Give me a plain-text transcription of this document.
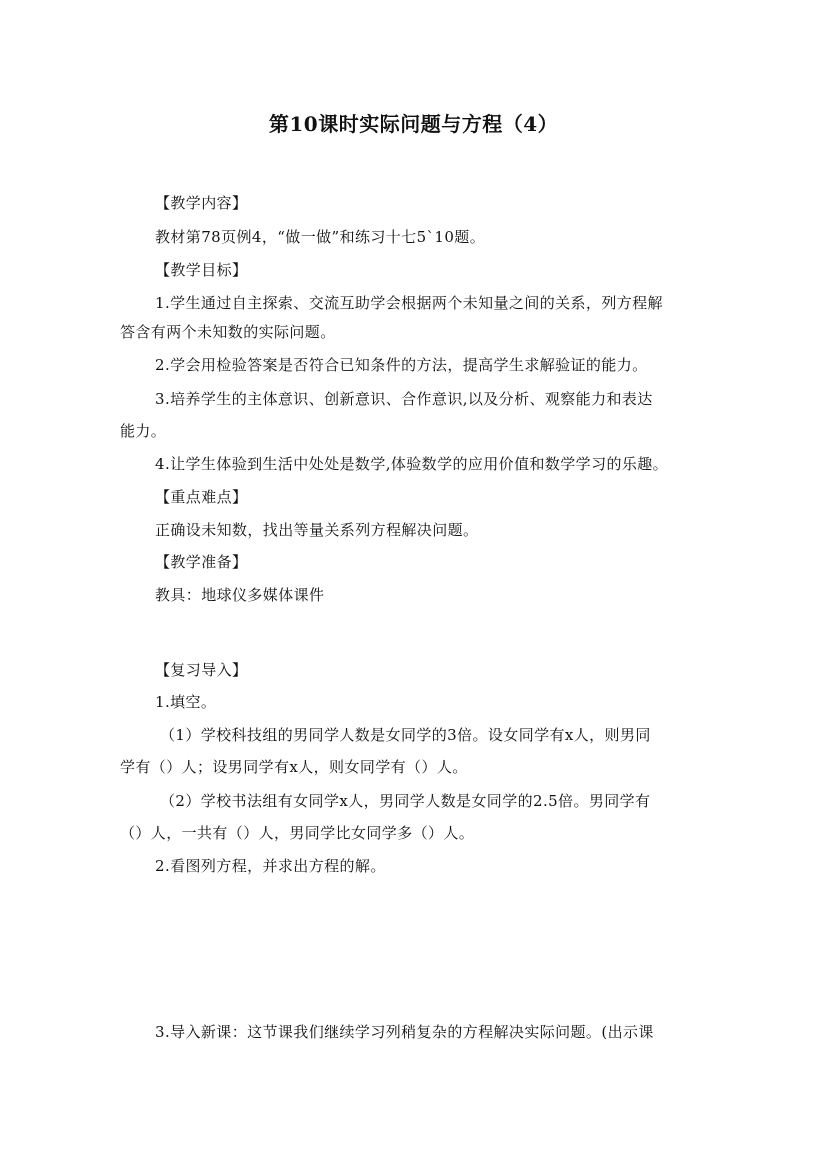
第10课时实际问题与方程（4）
【教学内容】
教材第78页例4，“做一做”和练习十七5`10题。
【教学目标】
1.学生通过自主探索、交流互助学会根据两个未知量之间的关系，列方程解
答含有两个未知数的实际问题。
2.学会用检验答案是否符合已知条件的方法，提高学生求解验证的能力。
3.培养学生的主体意识、创新意识、合作意识,以及分析、观察能力和表达
能力。
4.让学生体验到生活中处处是数学,体验数学的应用价值和数学学习的乐趣。
【重点难点】
正确设未知数，找出等量关系列方程解决问题。
【教学准备】
教具：地球仪多媒体课件
【复习导入】
1.填空。
（1）学校科技组的男同学人数是女同学的3倍。设女同学有x人，则男同
学有（）人；设男同学有x人，则女同学有（）人。
（2）学校书法组有女同学x人，男同学人数是女同学的2.5倍。男同学有
（）人，一共有（）人，男同学比女同学多（）人。
2.看图列方程，并求出方程的解。
3.导入新课：这节课我们继续学习列稍复杂的方程解决实际问题。(出示课
